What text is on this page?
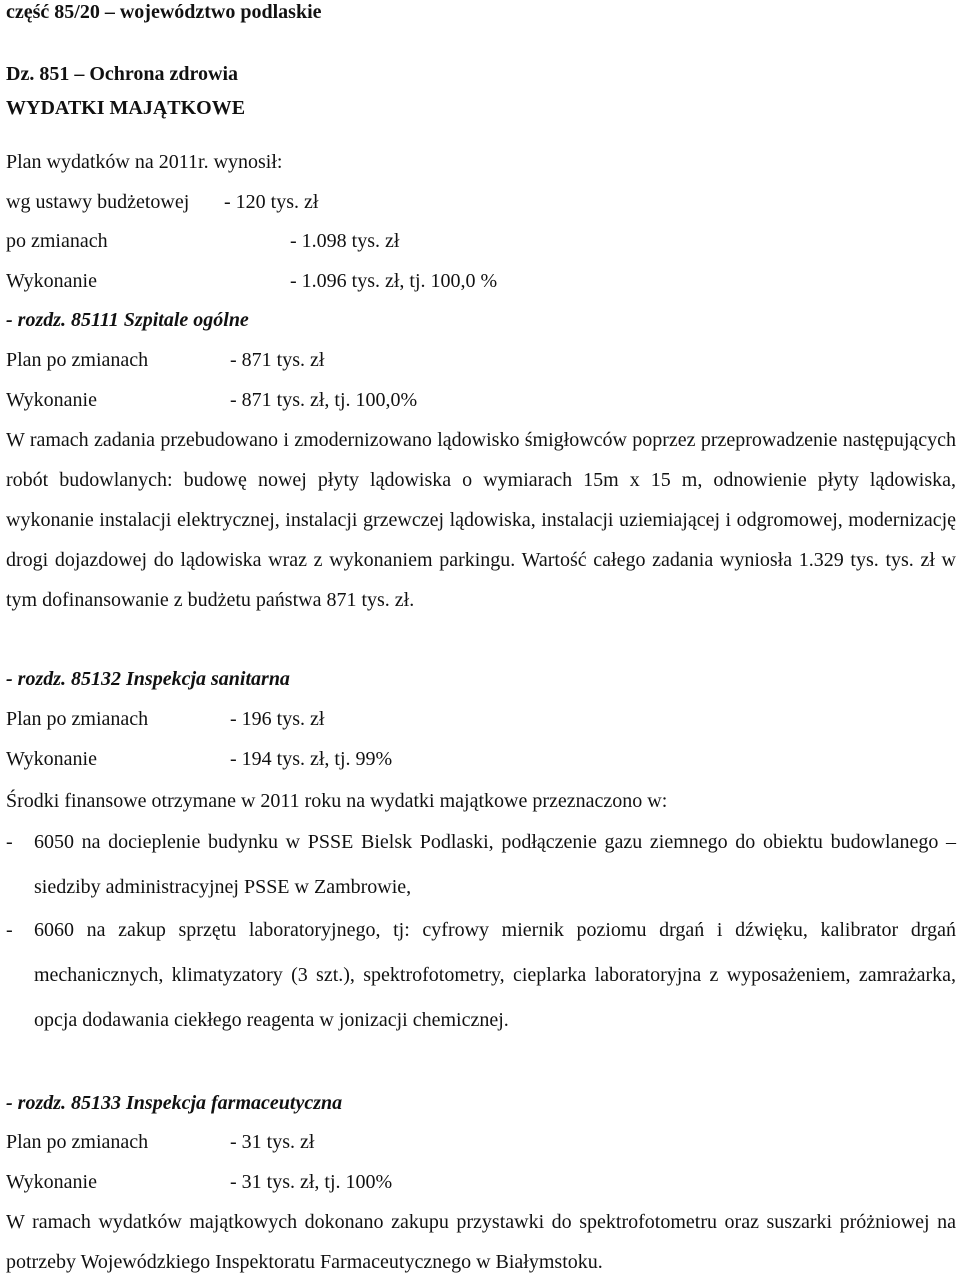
część 85/20 – województwo podlaskie
Dz. 851 – Ochrona zdrowia
WYDATKI MAJĄTKOWE
Plan wydatków na 2011r. wynosił:
wg ustawy budżetowej - 120 tys. zł
po zmianach	- 1.098 tys. zł
Wykonanie	- 1.096 tys. zł, tj. 100,0 %
- rozdz. 85111 Szpitale ogólne
Plan po zmianach	- 871 tys. zł
Wykonanie	- 871 tys. zł, tj. 100,0%
W ramach zadania przebudowano i zmodernizowano lądowisko śmigłowców poprzez przeprowadzenie następujących robót budowlanych: budowę nowej płyty lądowiska o wymiarach 15m x 15 m, odnowienie płyty lądowiska, wykonanie instalacji elektrycznej, instalacji grzewczej lądowiska, instalacji uziemiającej i odgromowej, modernizację drogi dojazdowej do lądowiska wraz z wykonaniem parkingu. Wartość całego zadania wyniosła 1.329 tys. tys. zł w tym dofinansowanie z budżetu państwa 871 tys. zł.
- rozdz. 85132 Inspekcja sanitarna
Plan po zmianach	- 196 tys. zł
Wykonanie	- 194 tys. zł, tj. 99%
Środki finansowe otrzymane w 2011 roku na wydatki majątkowe przeznaczono w:
- 6050 na docieplenie budynku w PSSE Bielsk Podlaski, podłączenie gazu ziemnego do obiektu budowlanego – siedziby administracyjnej PSSE w Zambrowie,
- 6060 na zakup sprzętu laboratoryjnego, tj: cyfrowy miernik poziomu drgań i dźwięku, kalibrator drgań mechanicznych, klimatyzatory (3 szt.), spektrofotometry, cieplarka laboratoryjna z wyposażeniem, zamrażarka, opcja dodawania ciekłego reagenta w jonizacji chemicznej.
- rozdz. 85133 Inspekcja farmaceutyczna
Plan po zmianach	- 31 tys. zł
Wykonanie	- 31 tys. zł, tj. 100%
W ramach wydatków majątkowych dokonano zakupu przystawki do spektrofotometru oraz suszarki próżniowej na potrzeby Wojewódzkiego Inspektoratu Farmaceutycznego w Białymstoku.
